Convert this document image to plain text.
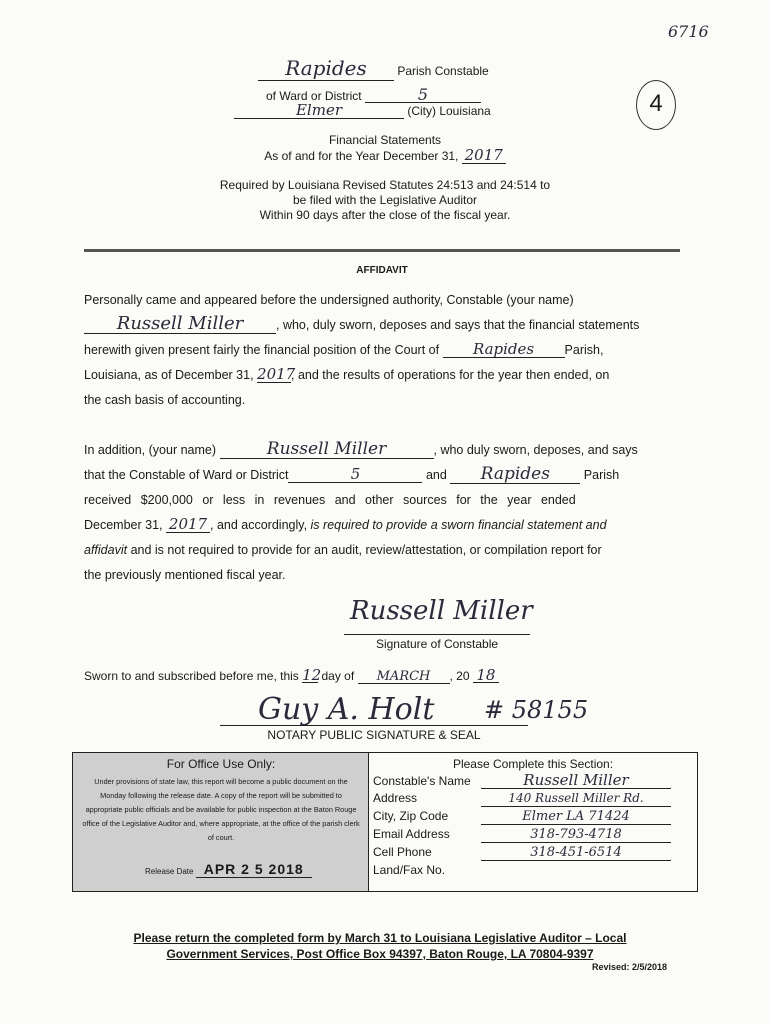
6716
Rapides	Parish Constable
of Ward or District	5
Elmer	(City) Louisiana	4
Financial Statements
As of and for the Year December 31, 2017
Required by Louisiana Revised Statutes 24:513 and 24:514 to
be filed with the Legislative Auditor
Within 90 days after the close of the fiscal year.
AFFIDAVIT
Personally came and appeared before the undersigned authority, Constable (your name)
Russell Miller	, who, duly sworn, deposes and says that the financial statements
herewith given present fairly the financial position of the Court of Rapides Parish,
Louisiana, as of December 31, 2017, and the results of operations for the year then ended, on
the cash basis of accounting.
In addition, (your name)	Russell Miller	, who duly sworn, deposes, and says
that the Constable of Ward or District	5	and Rapides	Parish
received $200,000 or less in revenues and other sources for the year ended
December 31, 2017 , and accordingly, is required to provide a sworn financial statement and
affidavit and is not required to provide for an audit, review/attestation, or compilation report for
the previously mentioned fiscal year.
Russell Miller
Signature of Constable
Sworn to and subscribed before me, this 12 day of MARCH , 20 18
Guy A. Holt # 58155
NOTARY PUBLIC SIGNATURE & SEAL
For Office Use Only:
Under provisions of state law, this report will become a public document on the Monday following the release date. A copy of the report will be submitted to appropriate public officials and be available for public inspection at the Baton Rouge office of the Legislative Auditor and, where appropriate, at the office of the parish clerk of court.
Release Date APR 2 5 2018
Please Complete this Section:
Constable's Name	Russell Miller
Address	140 Russell Miller Rd.
City, Zip Code	Elmer LA 71424
Email Address	318-793-4718
Cell Phone	318-451-6514
Land/Fax No.
Please return the completed form by March 31 to Louisiana Legislative Auditor – Local
Government Services, Post Office Box 94397, Baton Rouge, LA 70804-9397
Revised: 2/5/2018
